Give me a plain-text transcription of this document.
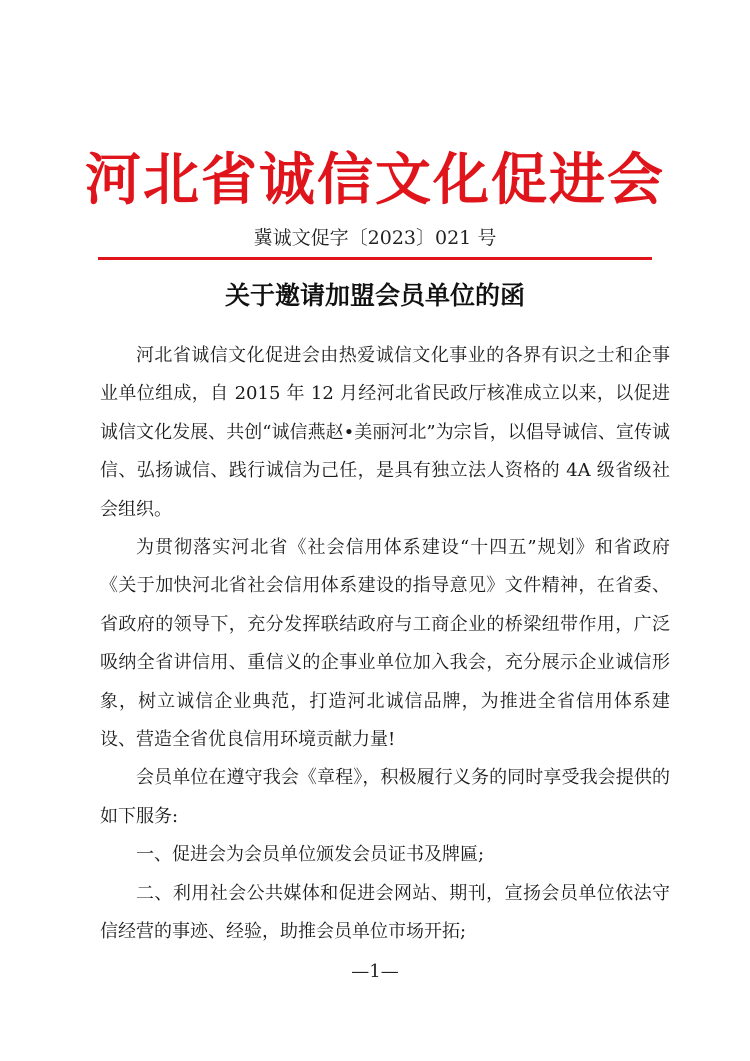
河北省诚信文化促进会
冀诚文促字〔2023〕021 号
关于邀请加盟会员单位的函

河北省诚信文化促进会由热爱诚信文化事业的各界有识之士和企事业单位组成，自 2015 年 12 月经河北省民政厅核准成立以来，以促进诚信文化发展、共创“诚信燕赵•美丽河北”为宗旨，以倡导诚信、宣传诚信、弘扬诚信、践行诚信为己任，是具有独立法人资格的 4A 级省级社会组织。

为贯彻落实河北省《社会信用体系建设“十四五”规划》和省政府《关于加快河北省社会信用体系建设的指导意见》文件精神，在省委、省政府的领导下，充分发挥联结政府与工商企业的桥梁纽带作用，广泛吸纳全省讲信用、重信义的企事业单位加入我会，充分展示企业诚信形象，树立诚信企业典范，打造河北诚信品牌，为推进全省信用体系建设、营造全省优良信用环境贡献力量!

会员单位在遵守我会《章程》，积极履行义务的同时享受我会提供的如下服务:

一、促进会为会员单位颁发会员证书及牌匾;

二、利用社会公共媒体和促进会网站、期刊，宣扬会员单位依法守信经营的事迹、经验，助推会员单位市场开拓;

—1—
